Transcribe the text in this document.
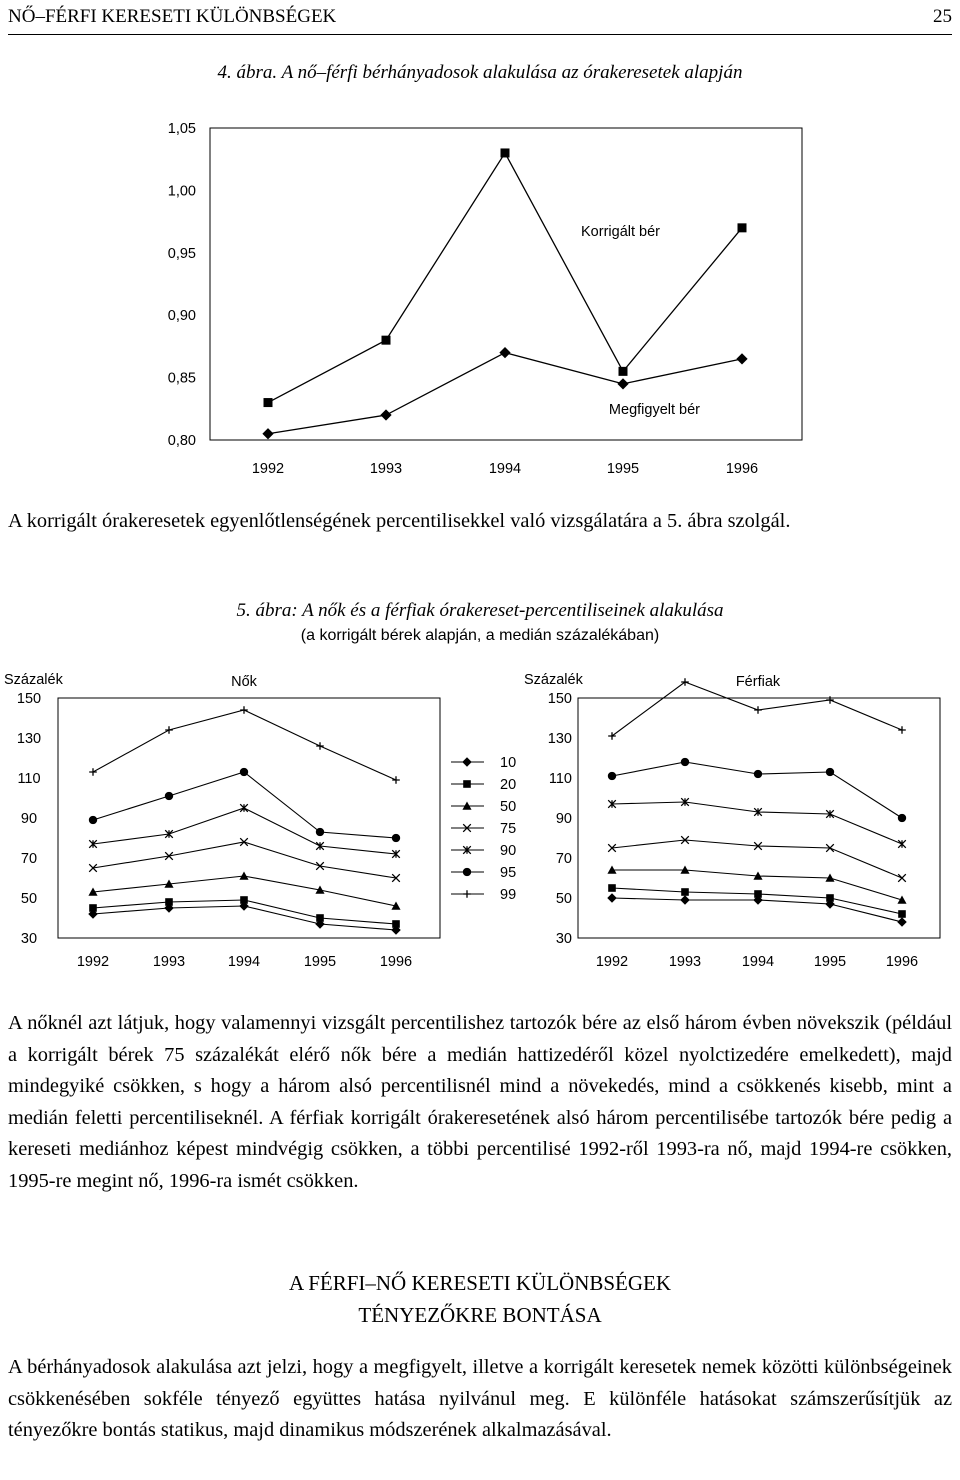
NŐ–FÉRFI KERESETI KÜLÖNBSÉGEK	25
4. ábra. A nő–férfi bérhányadosok alakulása az órakeresetek alapján
1,05
1,00
0,95
0,90
0,85
0,80
1992	1993	1994	1995	1996
Korrigált bér
Megfigyelt bér

A korrigált órakeresetek egyenlőtlenségének percentilisekkel való vizsgálatára a 5. ábra szolgál.

5. ábra: A nők és a férfiak órakereset-percentiliseinek alakulása
(a korrigált bérek alapján, a medián százalékában)
Százalék	Nők
150
130
110
90
70
50
30
1992	1993	1994	1995	1996
Százalék	Férfiak
150
130
110
90
70
50
30
1992	1993	1994	1995	1996
10
20
50
75
90
95
99

A nőknél azt látjuk, hogy valamennyi vizsgált percentilishez tartozók bére az első három évben növekszik (például a korrigált bérek 75 százalékát elérő nők bére a medián hattizedéről közel nyolctizedére emelkedett), majd mindegyiké csökken, s hogy a három alsó percentilisnél mind a növekedés, mind a csökkenés kisebb, mint a medián feletti percentiliseknél. A férfiak korrigált órakeresetének alsó három percentilisébe tartozók bére pedig a kereseti mediánhoz képest mindvégig csökken, a többi percentilisé 1992-ről 1993-ra nő, majd 1994-re csökken, 1995-re megint nő, 1996-ra ismét csökken.

A FÉRFI–NŐ KERESETI KÜLÖNBSÉGEK
TÉNYEZŐKRE BONTÁSA

A bérhányadosok alakulása azt jelzi, hogy a megfigyelt, illetve a korrigált keresetek nemek közötti különbségeinek csökkenésében sokféle tényező együttes hatása nyilvánul meg. E különféle hatásokat számszerűsítjük az tényezőkre bontás statikus, majd dinamikus módszerének alkalmazásával.
